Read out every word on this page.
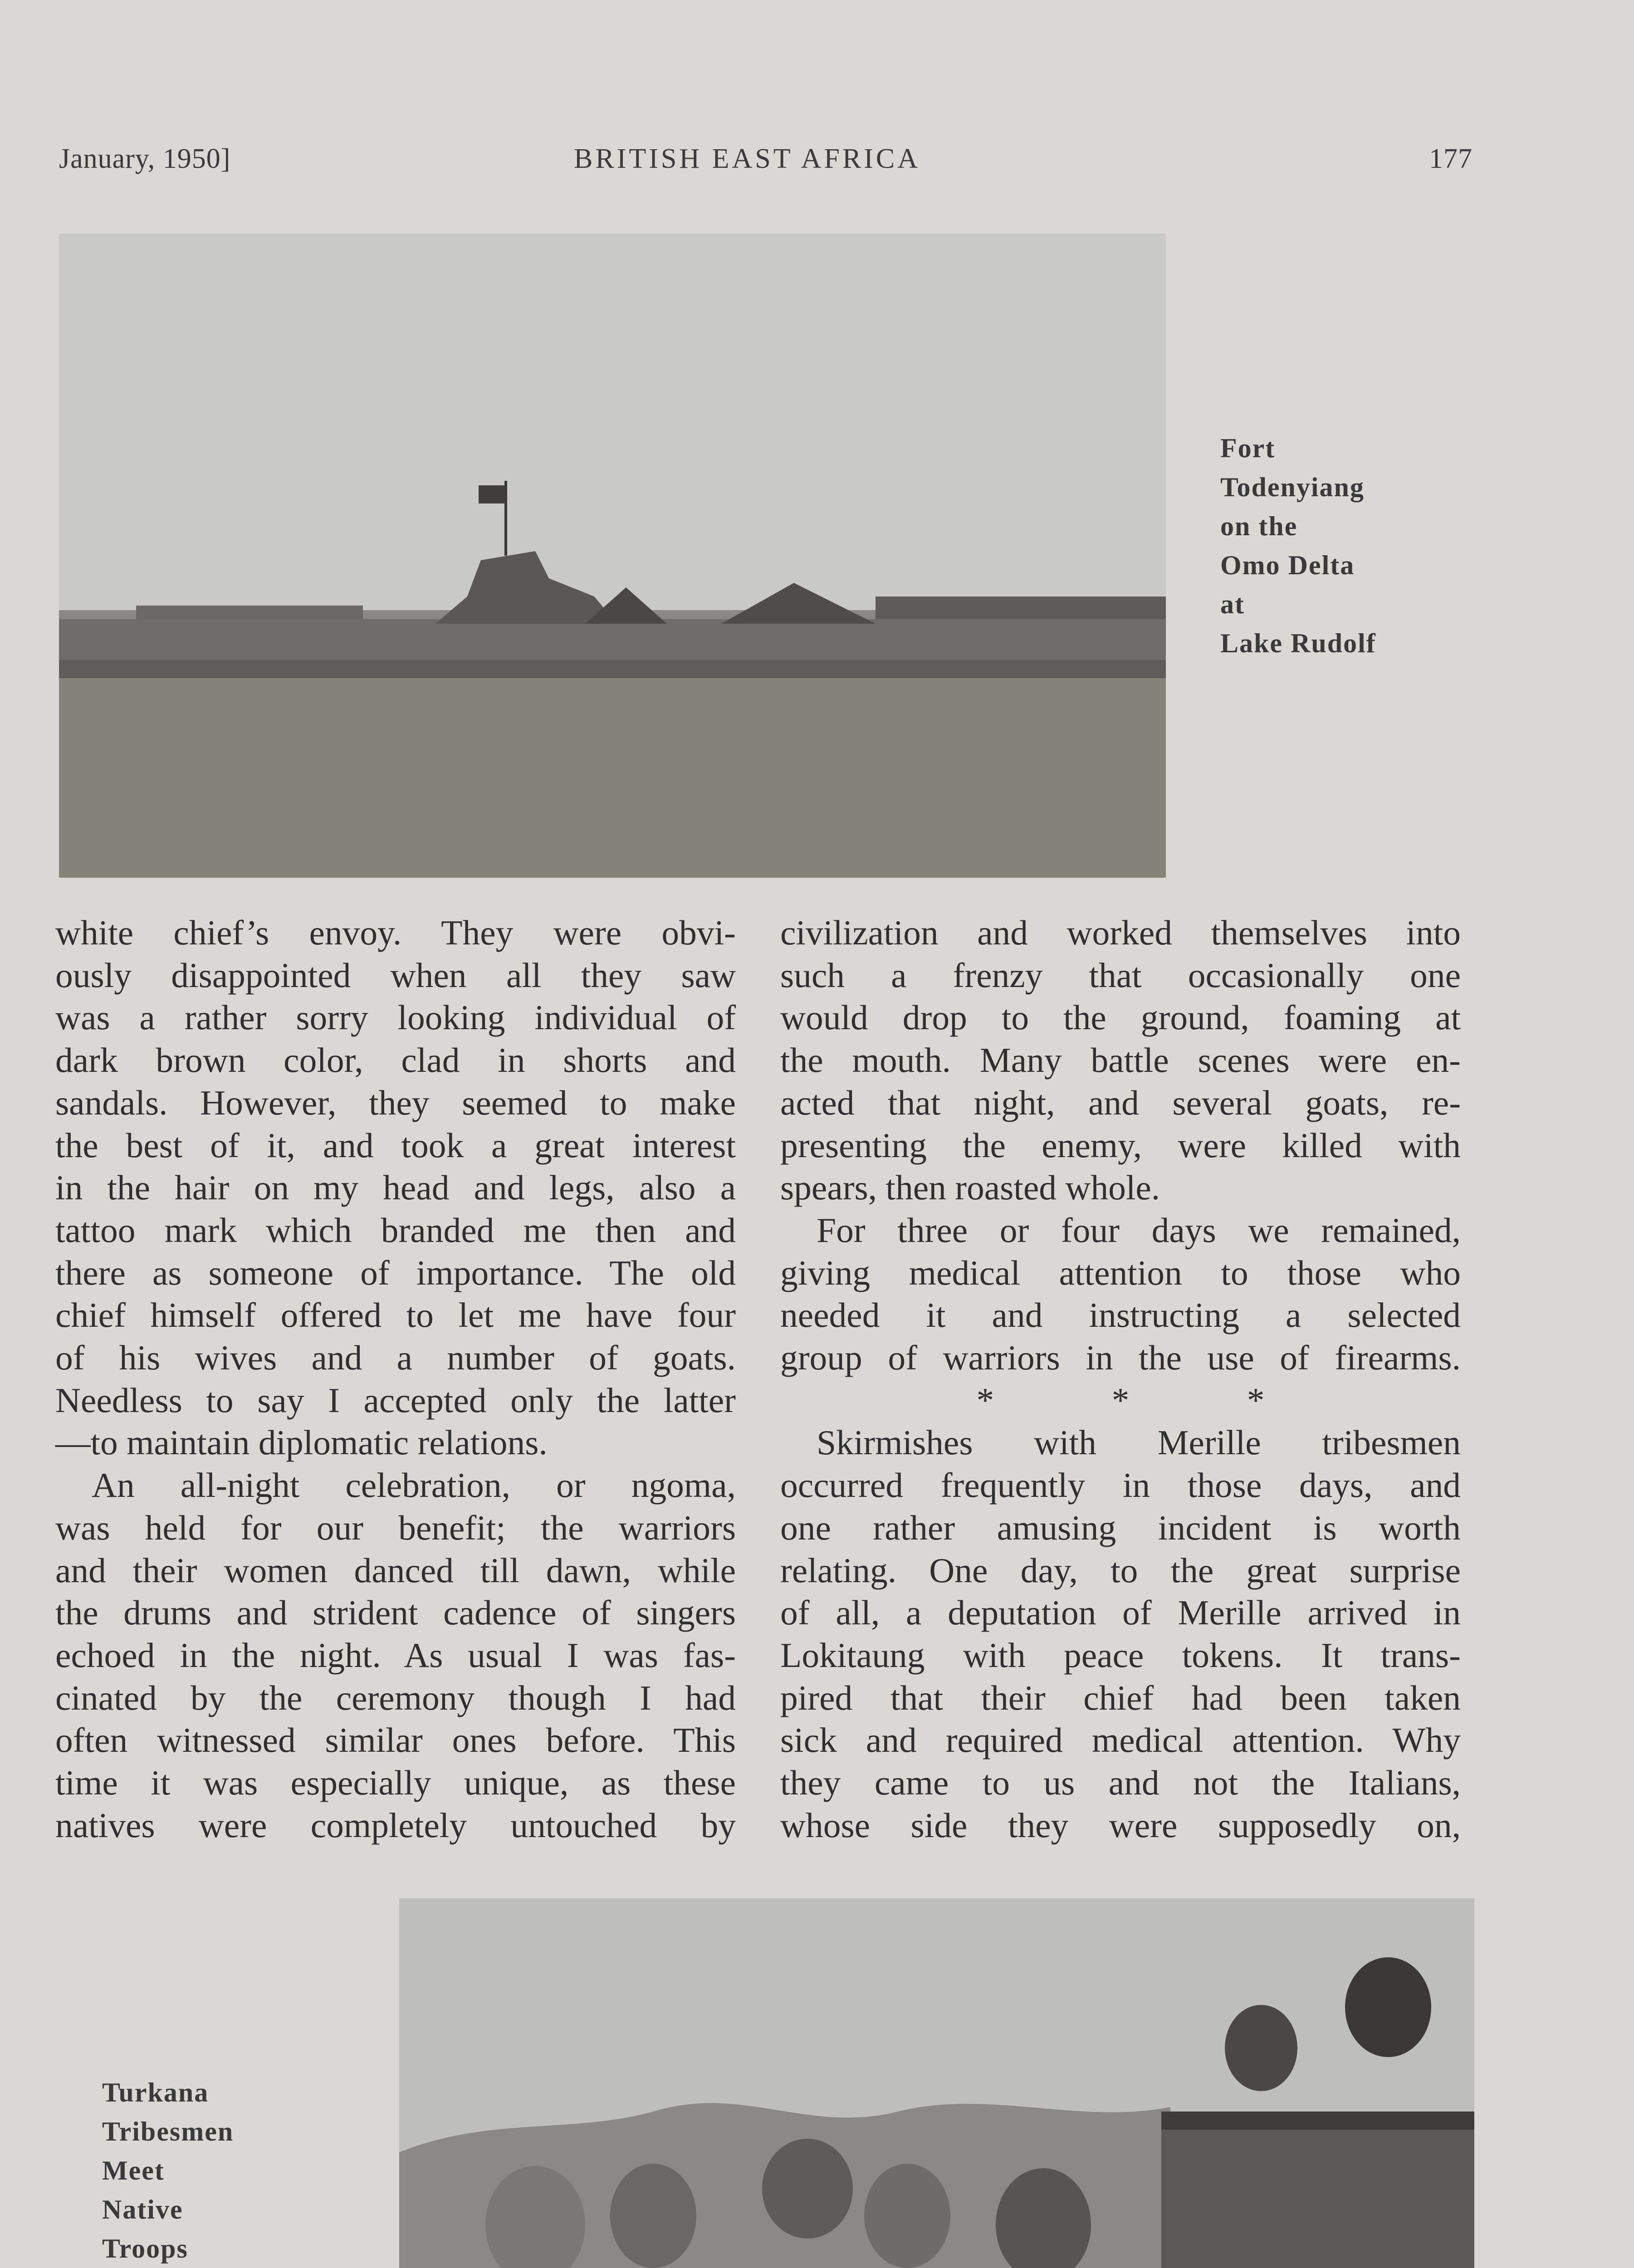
January, 1950]	BRITISH EAST AFRICA	177
Fort
Todenyiang
on the
Omo Delta
at
Lake Rudolf
white chief’s envoy. They were obvi-
ously disappointed when all they saw
was a rather sorry looking individual of
dark brown color, clad in shorts and
sandals. However, they seemed to make
the best of it, and took a great interest
in the hair on my head and legs, also a
tattoo mark which branded me then and
there as someone of importance. The old
chief himself offered to let me have four
of his wives and a number of goats.
Needless to say I accepted only the latter
—to maintain diplomatic relations.
An all-night celebration, or ngoma,
was held for our benefit; the warriors
and their women danced till dawn, while
the drums and strident cadence of singers
echoed in the night. As usual I was fas-
cinated by the ceremony though I had
often witnessed similar ones before. This
time it was especially unique, as these
natives were completely untouched by
civilization and worked themselves into
such a frenzy that occasionally one
would drop to the ground, foaming at
the mouth. Many battle scenes were en-
acted that night, and several goats, re-
presenting the enemy, were killed with
spears, then roasted whole.
For three or four days we remained,
giving medical attention to those who
needed it and instructing a selected
group of warriors in the use of firearms.
* * *
Skirmishes with Merille tribesmen
occurred frequently in those days, and
one rather amusing incident is worth
relating. One day, to the great surprise
of all, a deputation of Merille arrived in
Lokitaung with peace tokens. It trans-
pired that their chief had been taken
sick and required medical attention. Why
they came to us and not the Italians,
whose side they were supposedly on,
Turkana
Tribesmen
Meet
Native
Troops
